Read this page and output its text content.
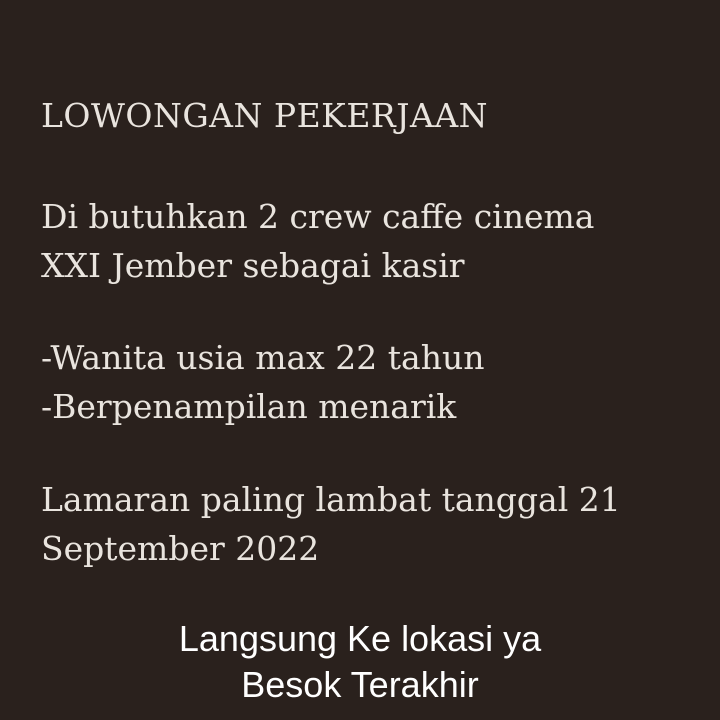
LOWONGAN PEKERJAAN
Di butuhkan 2 crew caffe cinema
XXI Jember sebagai kasir
-Wanita usia max 22 tahun
-Berpenampilan menarik
Lamaran paling lambat tanggal 21
September 2022

Langsung Ke lokasi ya

Besok Terakhir
